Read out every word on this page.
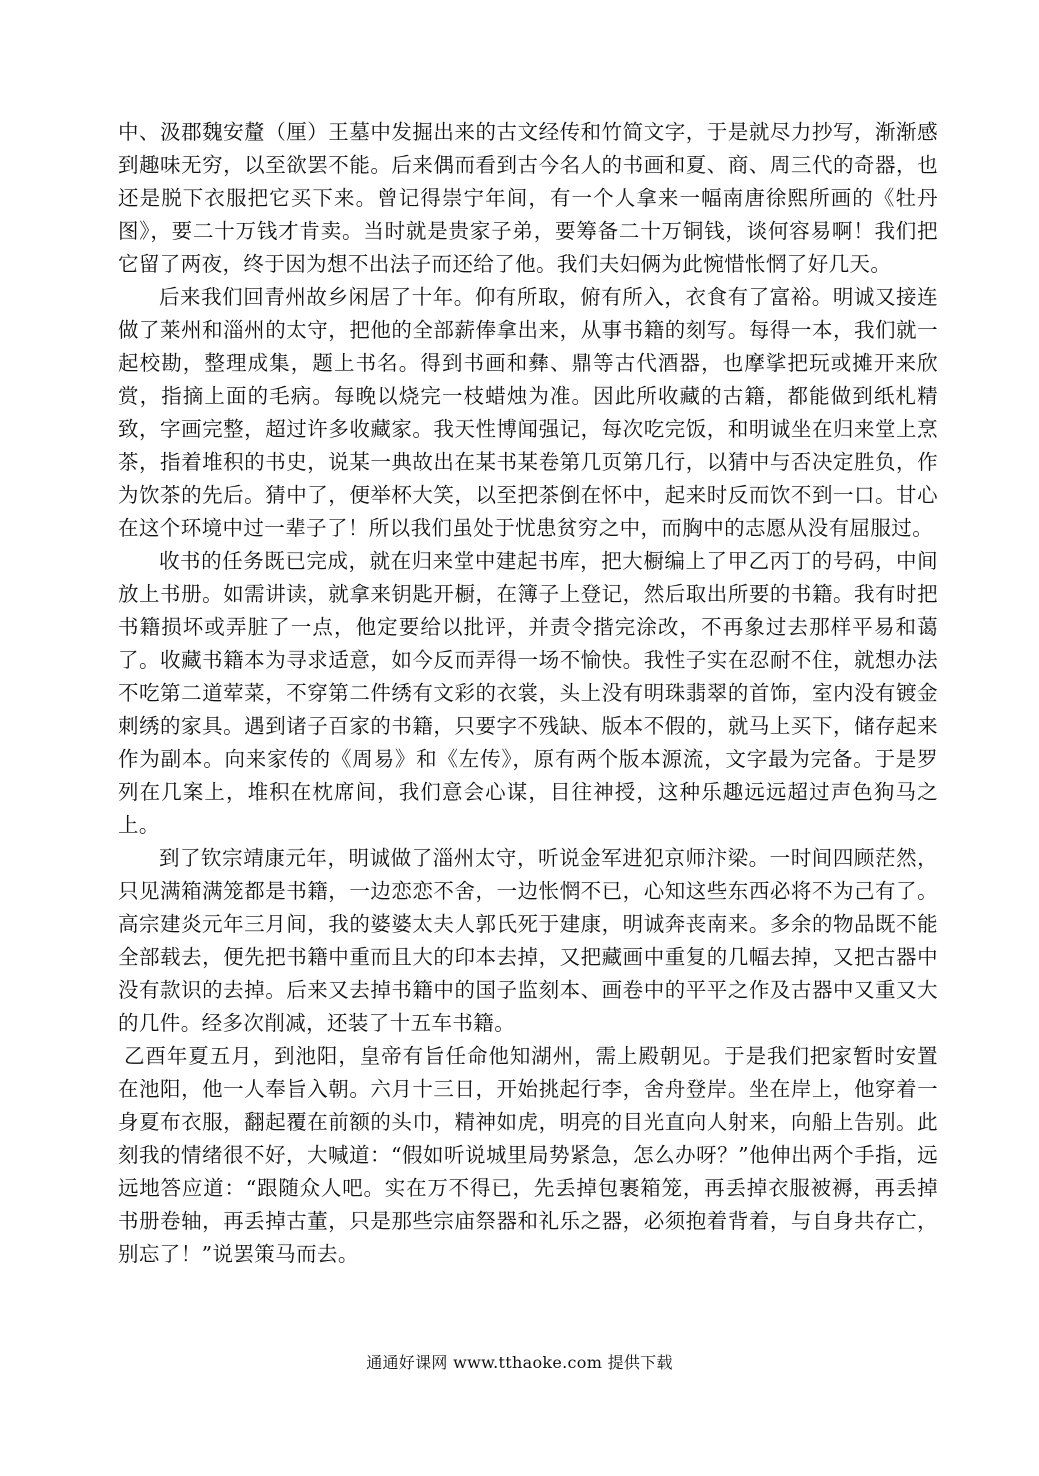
中、汲郡魏安釐（厘）王墓中发掘出来的古文经传和竹简文字，于是就尽力抄写，渐渐感到趣味无穷，以至欲罢不能。后来偶而看到古今名人的书画和夏、商、周三代的奇器，也还是脱下衣服把它买下来。曾记得崇宁年间，有一个人拿来一幅南唐徐熙所画的《牡丹图》，要二十万钱才肯卖。当时就是贵家子弟，要筹备二十万铜钱，谈何容易啊！我们把它留了两夜，终于因为想不出法子而还给了他。我们夫妇俩为此惋惜怅惘了好几天。

后来我们回青州故乡闲居了十年。仰有所取，俯有所入，衣食有了富裕。明诚又接连做了莱州和淄州的太守，把他的全部薪俸拿出来，从事书籍的刻写。每得一本，我们就一起校勘，整理成集，题上书名。得到书画和彝、鼎等古代酒器，也摩挲把玩或摊开来欣赏，指摘上面的毛病。每晚以烧完一枝蜡烛为准。因此所收藏的古籍，都能做到纸札精致，字画完整，超过许多收藏家。我天性博闻强记，每次吃完饭，和明诚坐在归来堂上烹茶，指着堆积的书史，说某一典故出在某书某卷第几页第几行，以猜中与否决定胜负，作为饮茶的先后。猜中了，便举杯大笑，以至把茶倒在怀中，起来时反而饮不到一口。甘心在这个环境中过一辈子了！所以我们虽处于忧患贫穷之中，而胸中的志愿从没有屈服过。

收书的任务既已完成，就在归来堂中建起书库，把大橱编上了甲乙丙丁的号码，中间放上书册。如需讲读，就拿来钥匙开橱，在簿子上登记，然后取出所要的书籍。我有时把书籍损坏或弄脏了一点，他定要给以批评，并责令揩完涂改，不再象过去那样平易和蔼了。收藏书籍本为寻求适意，如今反而弄得一场不愉快。我性子实在忍耐不住，就想办法不吃第二道荤菜，不穿第二件绣有文彩的衣裳，头上没有明珠翡翠的首饰，室内没有镀金刺绣的家具。遇到诸子百家的书籍，只要字不残缺、版本不假的，就马上买下，储存起来作为副本。向来家传的《周易》和《左传》，原有两个版本源流，文字最为完备。于是罗列在几案上，堆积在枕席间，我们意会心谋，目往神授，这种乐趣远远超过声色狗马之上。

到了钦宗靖康元年，明诚做了淄州太守，听说金军进犯京师汴梁。一时间四顾茫然，只见满箱满笼都是书籍，一边恋恋不舍，一边怅惘不已，心知这些东西必将不为己有了。高宗建炎元年三月间，我的婆婆太夫人郭氏死于建康，明诚奔丧南来。多余的物品既不能全部载去，便先把书籍中重而且大的印本去掉，又把藏画中重复的几幅去掉，又把古器中没有款识的去掉。后来又去掉书籍中的国子监刻本、画卷中的平平之作及古器中又重又大的几件。经多次削减，还装了十五车书籍。

乙酉年夏五月，到池阳，皇帝有旨任命他知湖州，需上殿朝见。于是我们把家暂时安置在池阳，他一人奉旨入朝。六月十三日，开始挑起行李，舍舟登岸。坐在岸上，他穿着一身夏布衣服，翻起覆在前额的头巾，精神如虎，明亮的目光直向人射来，向船上告别。此刻我的情绪很不好，大喊道：“假如听说城里局势紧急，怎么办呀？”他伸出两个手指，远远地答应道：“跟随众人吧。实在万不得已，先丢掉包裹箱笼，再丢掉衣服被褥，再丢掉书册卷轴，再丢掉古董，只是那些宗庙祭器和礼乐之器，必须抱着背着，与自身共存亡，别忘了！”说罢策马而去。

通通好课网 www.tthaoke.com 提供下载
